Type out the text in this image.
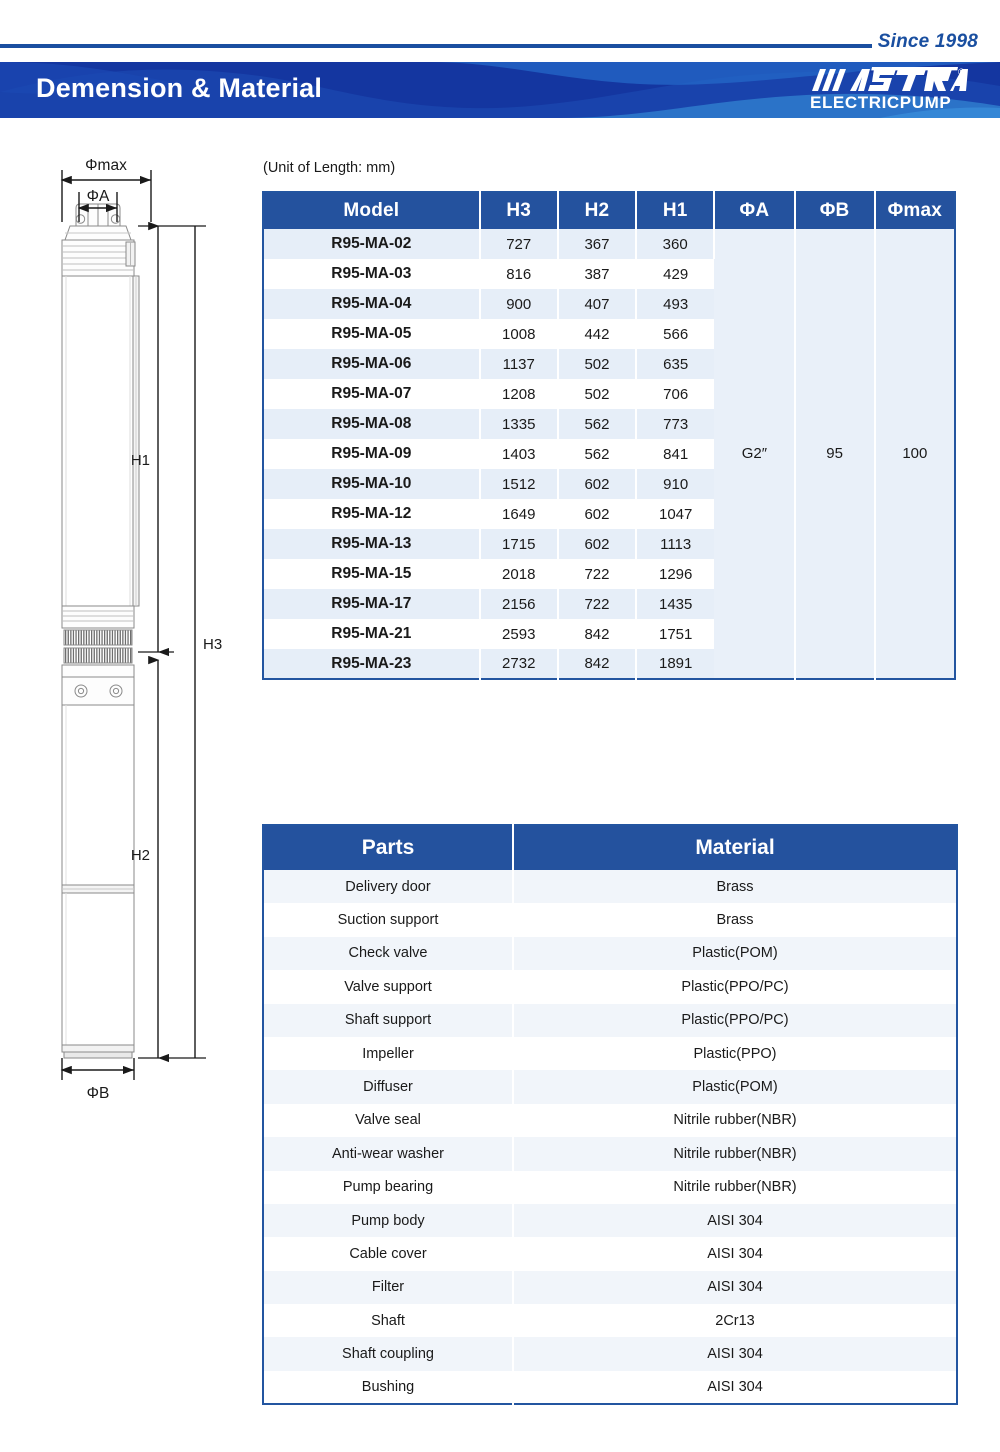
Since 1998
Demension & Material
®
ELECTRICPUMP
Φmax
ΦA
H1
H3
H2
ΦB
(Unit of Length: mm)
Model	H3	H2	H1	ΦA	ΦB	Φmax
R95-MA-02	727	367	360	G2″	95	100
R95-MA-03	816	387	429			
R95-MA-04	900	407	493			
R95-MA-05	1008	442	566			
R95-MA-06	1137	502	635			
R95-MA-07	1208	502	706			
R95-MA-08	1335	562	773			
R95-MA-09	1403	562	841			
R95-MA-10	1512	602	910			
R95-MA-12	1649	602	1047			
R95-MA-13	1715	602	1113			
R95-MA-15	2018	722	1296			
R95-MA-17	2156	722	1435			
R95-MA-21	2593	842	1751			
R95-MA-23	2732	842	1891			
Parts	Material
Delivery door	Brass
Suction support	Brass
Check valve	Plastic(POM)
Valve support	Plastic(PPO/PC)
Shaft support	Plastic(PPO/PC)
Impeller	Plastic(PPO)
Diffuser	Plastic(POM)
Valve seal	Nitrile rubber(NBR)
Anti-wear washer	Nitrile rubber(NBR)
Pump bearing	Nitrile rubber(NBR)
Pump body	AISI 304
Cable cover	AISI 304
Filter	AISI 304
Shaft	2Cr13
Shaft coupling	AISI 304
Bushing	AISI 304
